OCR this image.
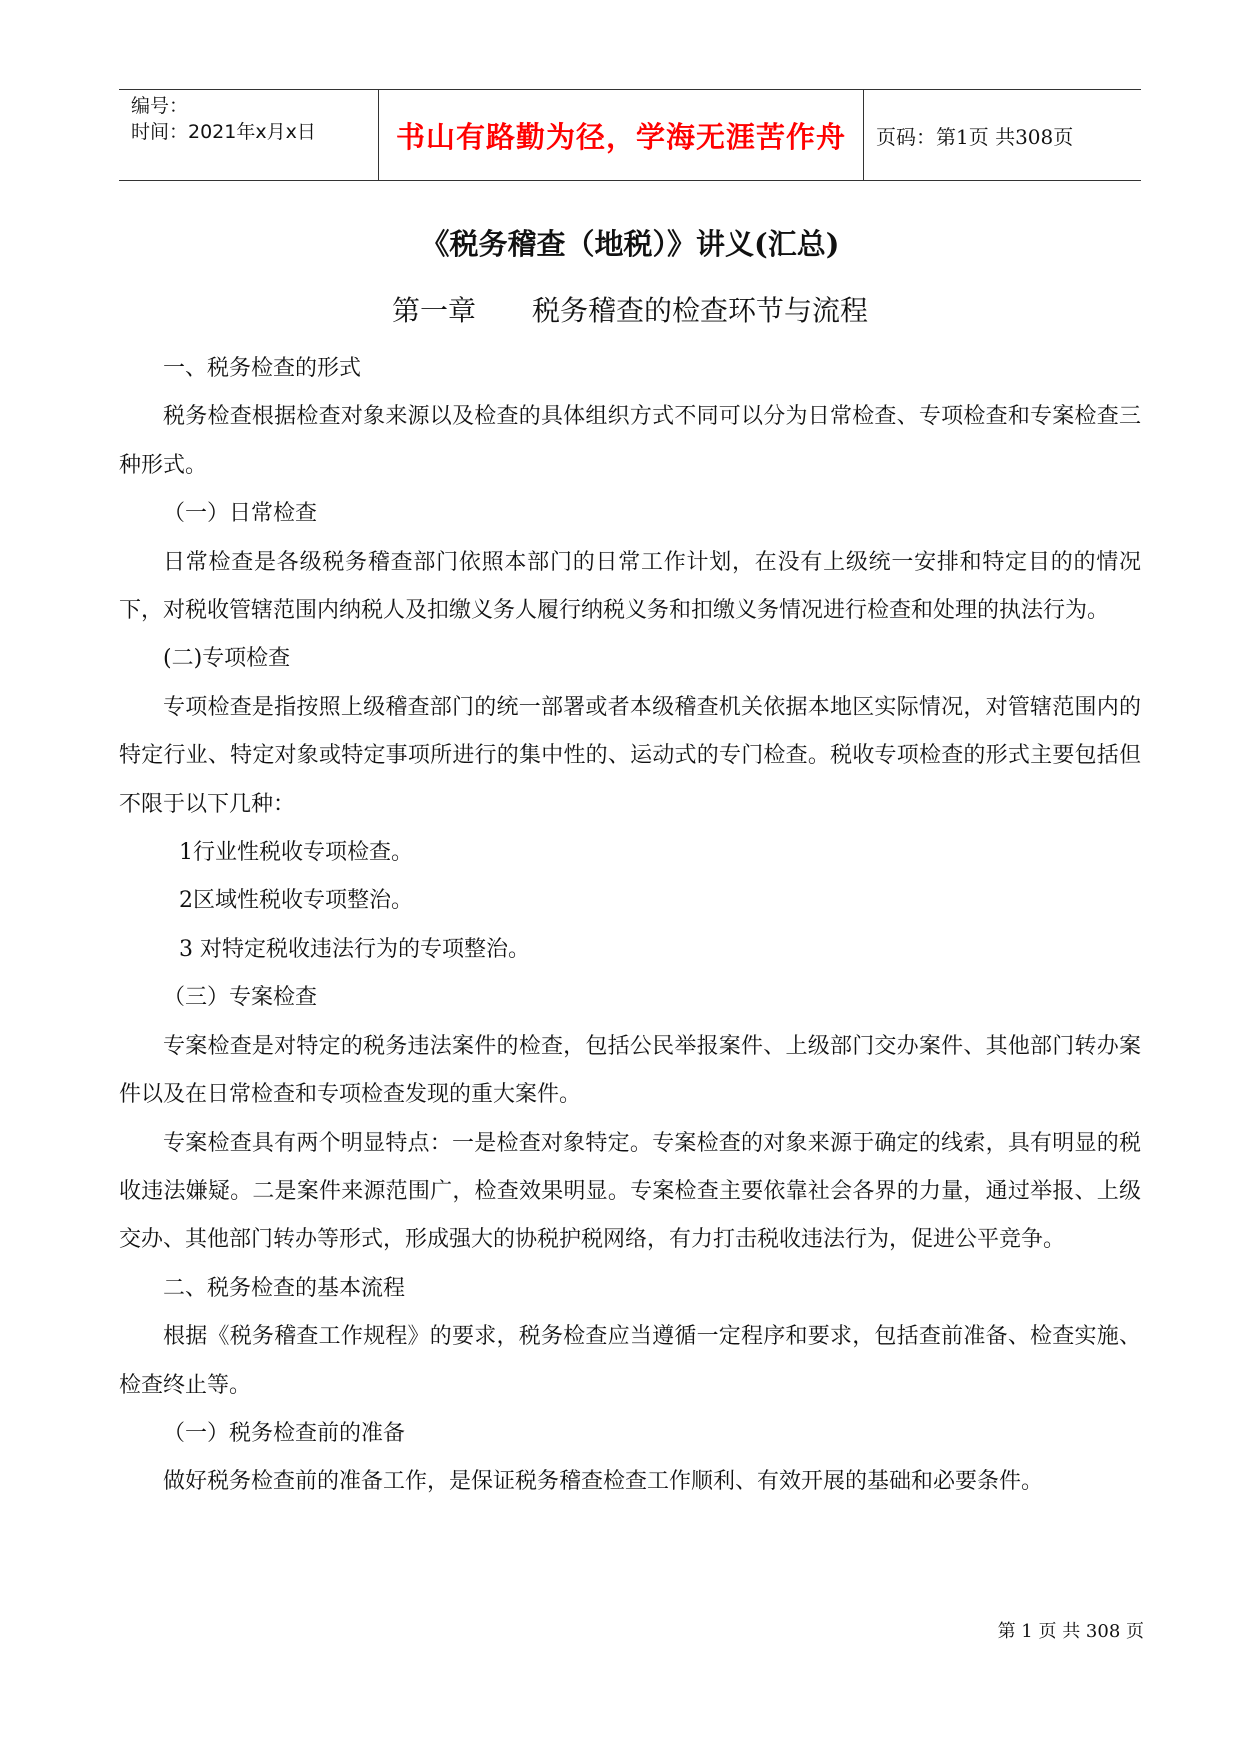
编号：
时间：2021年x月x日	书山有路勤为径，学海无涯苦作舟 页码：第1页 共308页
《税务稽查（地税）》讲义(汇总)
第一章　　税务稽查的检查环节与流程

一、税务检查的形式

税务检查根据检查对象来源以及检查的具体组织方式不同可以分为日常检查、专项检查和专案检查三种形式。

（一）日常检查

日常检查是各级税务稽查部门依照本部门的日常工作计划，在没有上级统一安排和特定目的的情况下，对税收管辖范围内纳税人及扣缴义务人履行纳税义务和扣缴义务情况进行检查和处理的执法行为。

(二)专项检查

专项检查是指按照上级稽查部门的统一部署或者本级稽查机关依据本地区实际情况，对管辖范围内的特定行业、特定对象或特定事项所进行的集中性的、运动式的专门检查。税收专项检查的形式主要包括但不限于以下几种：

1行业性税收专项检查。

2区域性税收专项整治。

3 对特定税收违法行为的专项整治。

（三）专案检查

专案检查是对特定的税务违法案件的检查，包括公民举报案件、上级部门交办案件、其他部门转办案件以及在日常检查和专项检查发现的重大案件。

专案检查具有两个明显特点：一是检查对象特定。专案检查的对象来源于确定的线索，具有明显的税收违法嫌疑。二是案件来源范围广，检查效果明显。专案检查主要依靠社会各界的力量，通过举报、上级交办、其他部门转办等形式，形成强大的协税护税网络，有力打击税收违法行为，促进公平竞争。

二、税务检查的基本流程

根据《税务稽查工作规程》的要求，税务检查应当遵循一定程序和要求，包括查前准备、检查实施、检查终止等。

（一）税务检查前的准备

做好税务检查前的准备工作，是保证税务稽查检查工作顺利、有效开展的基础和必要条件。

第 1 页 共 308 页
